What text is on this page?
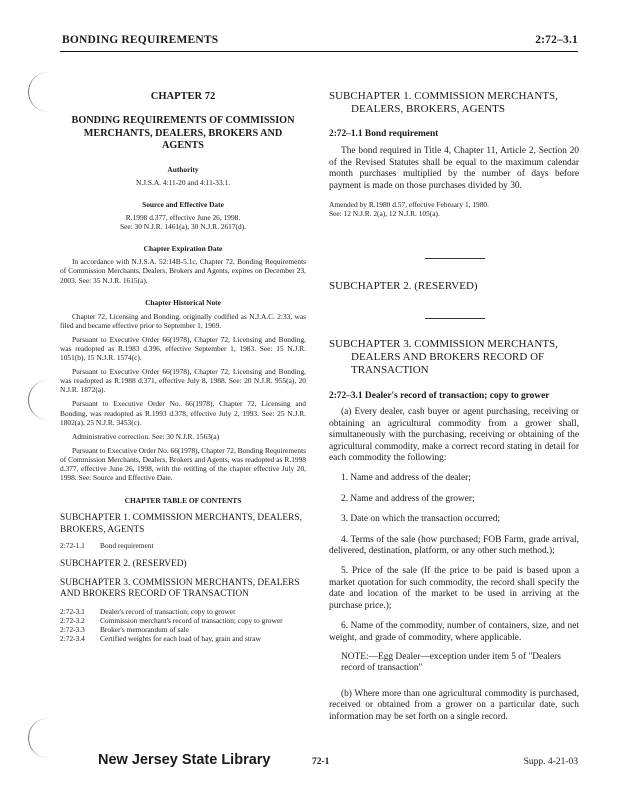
BONDING REQUIREMENTS	2:72–3.1
CHAPTER 72
BONDING REQUIREMENTS OF COMMISSION MERCHANTS, DEALERS, BROKERS AND AGENTS
Authority
N.J.S.A. 4:11-20 and 4:11-33.1.
Source and Effective Date
R.1998 d.377, effective June 26, 1998.
See: 30 N.J.R. 1461(a), 30 N.J.R. 2617(d).
Chapter Expiration Date

In accordance with N.J.S.A. 52:14B-5.1c, Chapter 72, Bonding Requirements of Commission Merchants, Dealers, Brokers and Agents, expires on December 23, 2003. See: 35 N.J.R. 1615(a).

Chapter Historical Note

Chapter 72, Licensing and Bonding, originally codified as N.J.A.C. 2:33, was filed and became effective prior to September 1, 1969.

Pursuant to Executive Order 66(1978), Chapter 72, Licensing and Bonding, was readopted as R.1983 d.396, effective September 1, 1983. See: 15 N.J.R. 1051(b), 15 N.J.R. 1574(c).

Pursuant to Executive Order 66(1978), Chapter 72, Licensing and Bonding, was readopted as R.1988 d.371, effective July 8, 1988. See: 20 N.J.R. 955(a), 20 N.J.R. 1872(a).

Pursuant to Executive Order No. 66(1978), Chapter 72, Licensing and Bonding, was readopted as R.1993 d.378, effective July 2, 1993. See: 25 N.J.R. 1802(a), 25 N.J.R. 3453(c).

Administrative correction. See: 30 N.J.R. 1563(a)

Pursuant to Executive Order No. 66(1978), Chapter 72, Bonding Requirements of Commission Merchants, Dealers, Brokers and Agents, was readopted as R.1998 d.377, effective June 26, 1998, with the retitling of the chapter effective July 20, 1998. See: Source and Effective Date.

CHAPTER TABLE OF CONTENTS
SUBCHAPTER 1. COMMISSION MERCHANTS, DEALERS, BROKERS, AGENTS
2:72-1.1 Bond requirement
SUBCHAPTER 2. (RESERVED)
SUBCHAPTER 3. COMMISSION MERCHANTS, DEALERS AND BROKERS RECORD OF TRANSACTION
2:72-3.1 Dealer's record of transaction; copy to grower
2:72-3.2 Commission merchant's record of transaction; copy to grower
2:72-3.3 Broker's memorandum of sale
2:72-3.4 Certified weights for each load of hay, grain and straw
SUBCHAPTER 1. COMMISSION MERCHANTS, DEALERS, BROKERS, AGENTS
2:72–1.1 Bond requirement

The bond required in Title 4, Chapter 11, Article 2, Section 20 of the Revised Statutes shall be equal to the maximum calendar month purchases multiplied by the number of days before payment is made on those purchases divided by 30.

Amended by R.1980 d.57, effective February 1, 1980.
See: 12 N.J.R. 2(a), 12 N.J.R. 105(a).
SUBCHAPTER 2. (RESERVED)
SUBCHAPTER 3. COMMISSION MERCHANTS, DEALERS AND BROKERS RECORD OF TRANSACTION
2:72–3.1 Dealer's record of transaction; copy to grower

(a) Every dealer, cash buyer or agent purchasing, receiving or obtaining an agricultural commodity from a grower shall, simultaneously with the purchasing, receiving or obtaining of the agricultural commodity, make a correct record stating in detail for each commodity the following:

1. Name and address of the dealer;

2. Name and address of the grower;

3. Date on which the transaction occurred;

4. Terms of the sale (how purchased; FOB Farm, grade arrival, delivered, destination, platform, or any other such method.);

5. Price of the sale (If the price to be paid is based upon a market quotation for such commodity, the record shall specify the date and location of the market to be used in arriving at the purchase price.);

6. Name of the commodity, number of containers, size, and net weight, and grade of commodity, where applicable.

NOTE:—Egg Dealer—exception under item 5 of "Dealers record of transaction"

(b) Where more than one agricultural commodity is purchased, received or obtained from a grower on a particular date, such information may be set forth on a single record.

New Jersey State Library	72-1	Supp. 4-21-03
